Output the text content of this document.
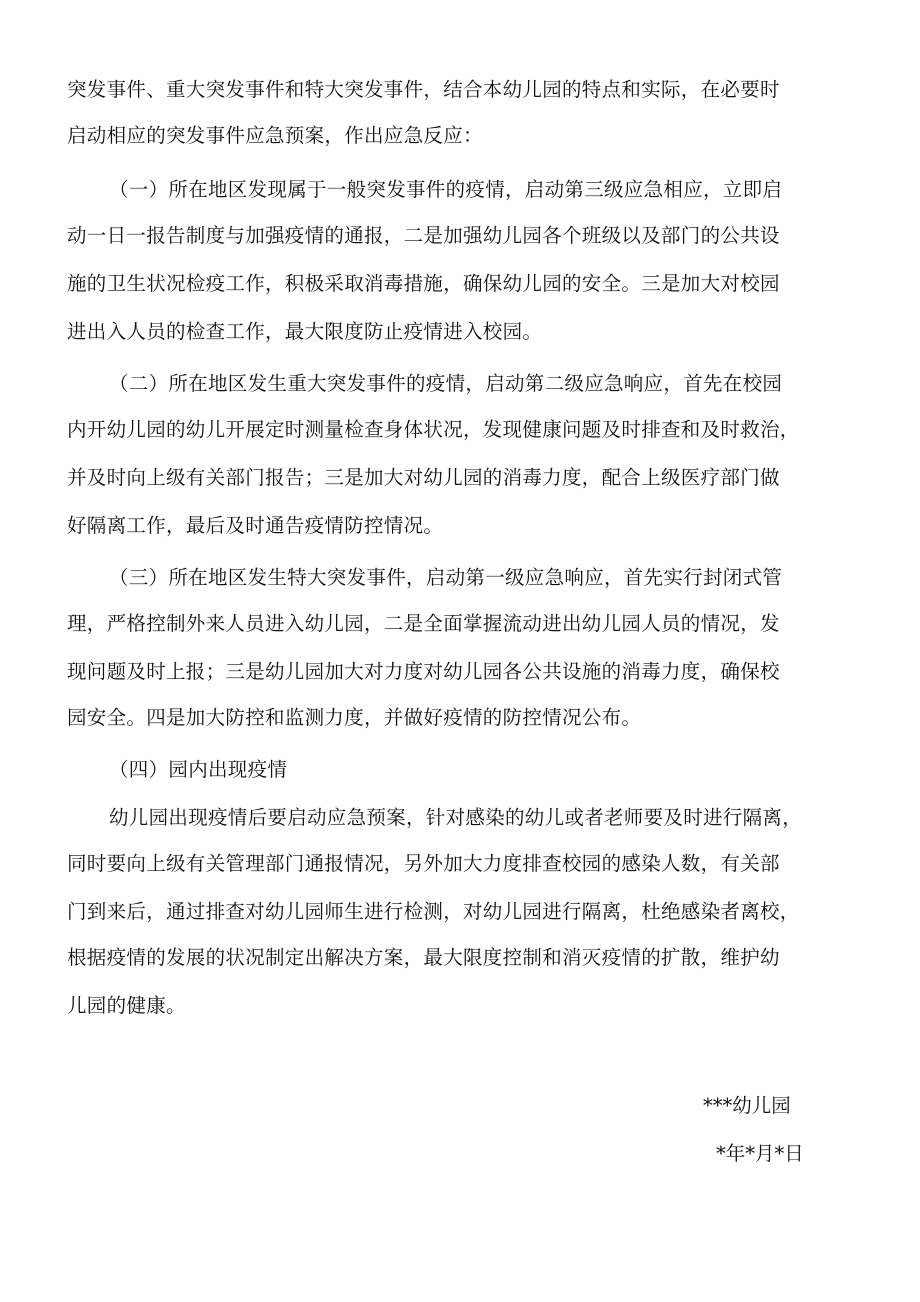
突发事件、重大突发事件和特大突发事件，结合本幼儿园的特点和实际，在必要时
启动相应的突发事件应急预案，作出应急反应：
（一）所在地区发现属于一般突发事件的疫情，启动第三级应急相应，立即启
动一日一报告制度与加强疫情的通报，二是加强幼儿园各个班级以及部门的公共设
施的卫生状况检疫工作，积极采取消毒措施，确保幼儿园的安全。三是加大对校园
进出入人员的检查工作，最大限度防止疫情进入校园。
（二）所在地区发生重大突发事件的疫情，启动第二级应急响应，首先在校园
内开幼儿园的幼儿开展定时测量检查身体状况，发现健康问题及时排查和及时救治，
并及时向上级有关部门报告；三是加大对幼儿园的消毒力度，配合上级医疗部门做
好隔离工作，最后及时通告疫情防控情况。
（三）所在地区发生特大突发事件，启动第一级应急响应，首先实行封闭式管
理，严格控制外来人员进入幼儿园，二是全面掌握流动进出幼儿园人员的情况，发
现问题及时上报；三是幼儿园加大对力度对幼儿园各公共设施的消毒力度，确保校
园安全。四是加大防控和监测力度，并做好疫情的防控情况公布。
（四）园内出现疫情
幼儿园出现疫情后要启动应急预案，针对感染的幼儿或者老师要及时进行隔离，
同时要向上级有关管理部门通报情况，另外加大力度排查校园的感染人数，有关部
门到来后，通过排查对幼儿园师生进行检测，对幼儿园进行隔离，杜绝感染者离校，
根据疫情的发展的状况制定出解决方案，最大限度控制和消灭疫情的扩散，维护幼
儿园的健康。
***幼儿园
*年*月*日
